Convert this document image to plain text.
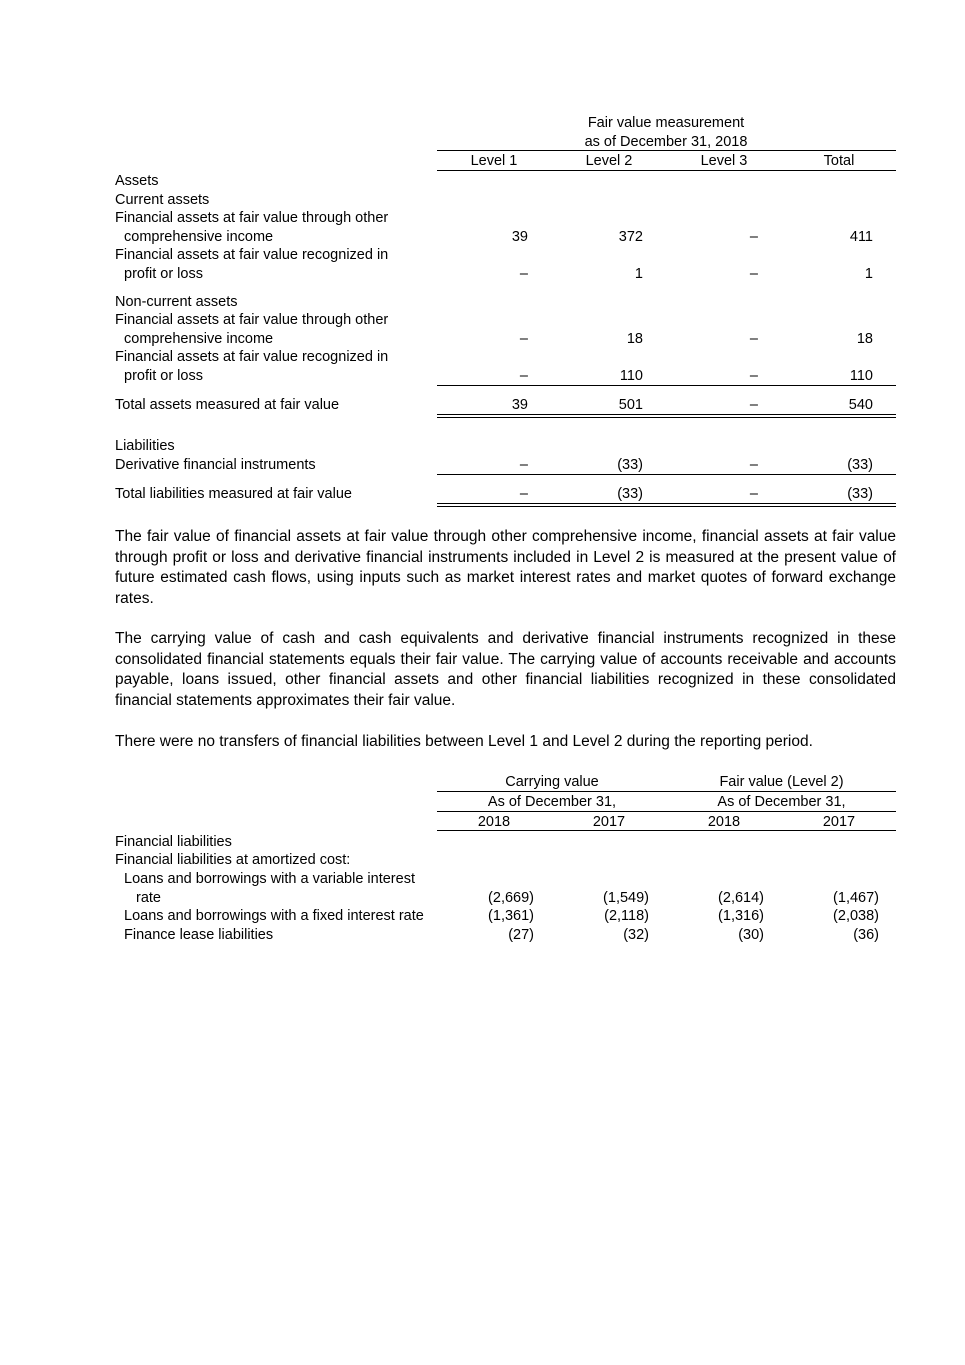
Fair value measurement
as of December 31, 2018
Level 1	Level 2	Level 3	Total
Assets
Current assets
Financial assets at fair value through other
comprehensive income	39	372	–	411
Financial assets at fair value recognized in
profit or loss	–	1	–	1
Non-current assets
Financial assets at fair value through other
comprehensive income	–	18	–	18
Financial assets at fair value recognized in
profit or loss	–	110	–	110
Total assets measured at fair value	39	501	–	540
Liabilities
Derivative financial instruments	–	(33)	–	(33)
Total liabilities measured at fair value	–	(33)	–	(33)
The fair value of financial assets at fair value through other comprehensive income, financial assets at fair value through profit or loss and derivative financial instruments included in Level 2 is measured at the present value of future estimated cash flows, using inputs such as market interest rates and market quotes of forward exchange rates.
The carrying value of cash and cash equivalents and derivative financial instruments recognized in these consolidated financial statements equals their fair value. The carrying value of accounts receivable and accounts payable, loans issued, other financial assets and other financial liabilities recognized in these consolidated financial statements approximates their fair value.
There were no transfers of financial liabilities between Level 1 and Level 2 during the reporting period.
Carrying value	Fair value (Level 2)
As of December 31,	As of December 31,
2018	2017	2018	2017
Financial liabilities
Financial liabilities at amortized cost:
Loans and borrowings with a variable interest
rate	(2,669)	(1,549)	(2,614)	(1,467)
Loans and borrowings with a fixed interest rate	(1,361)	(2,118)	(1,316)	(2,038)
Finance lease liabilities	(27)	(32)	(30)	(36)
